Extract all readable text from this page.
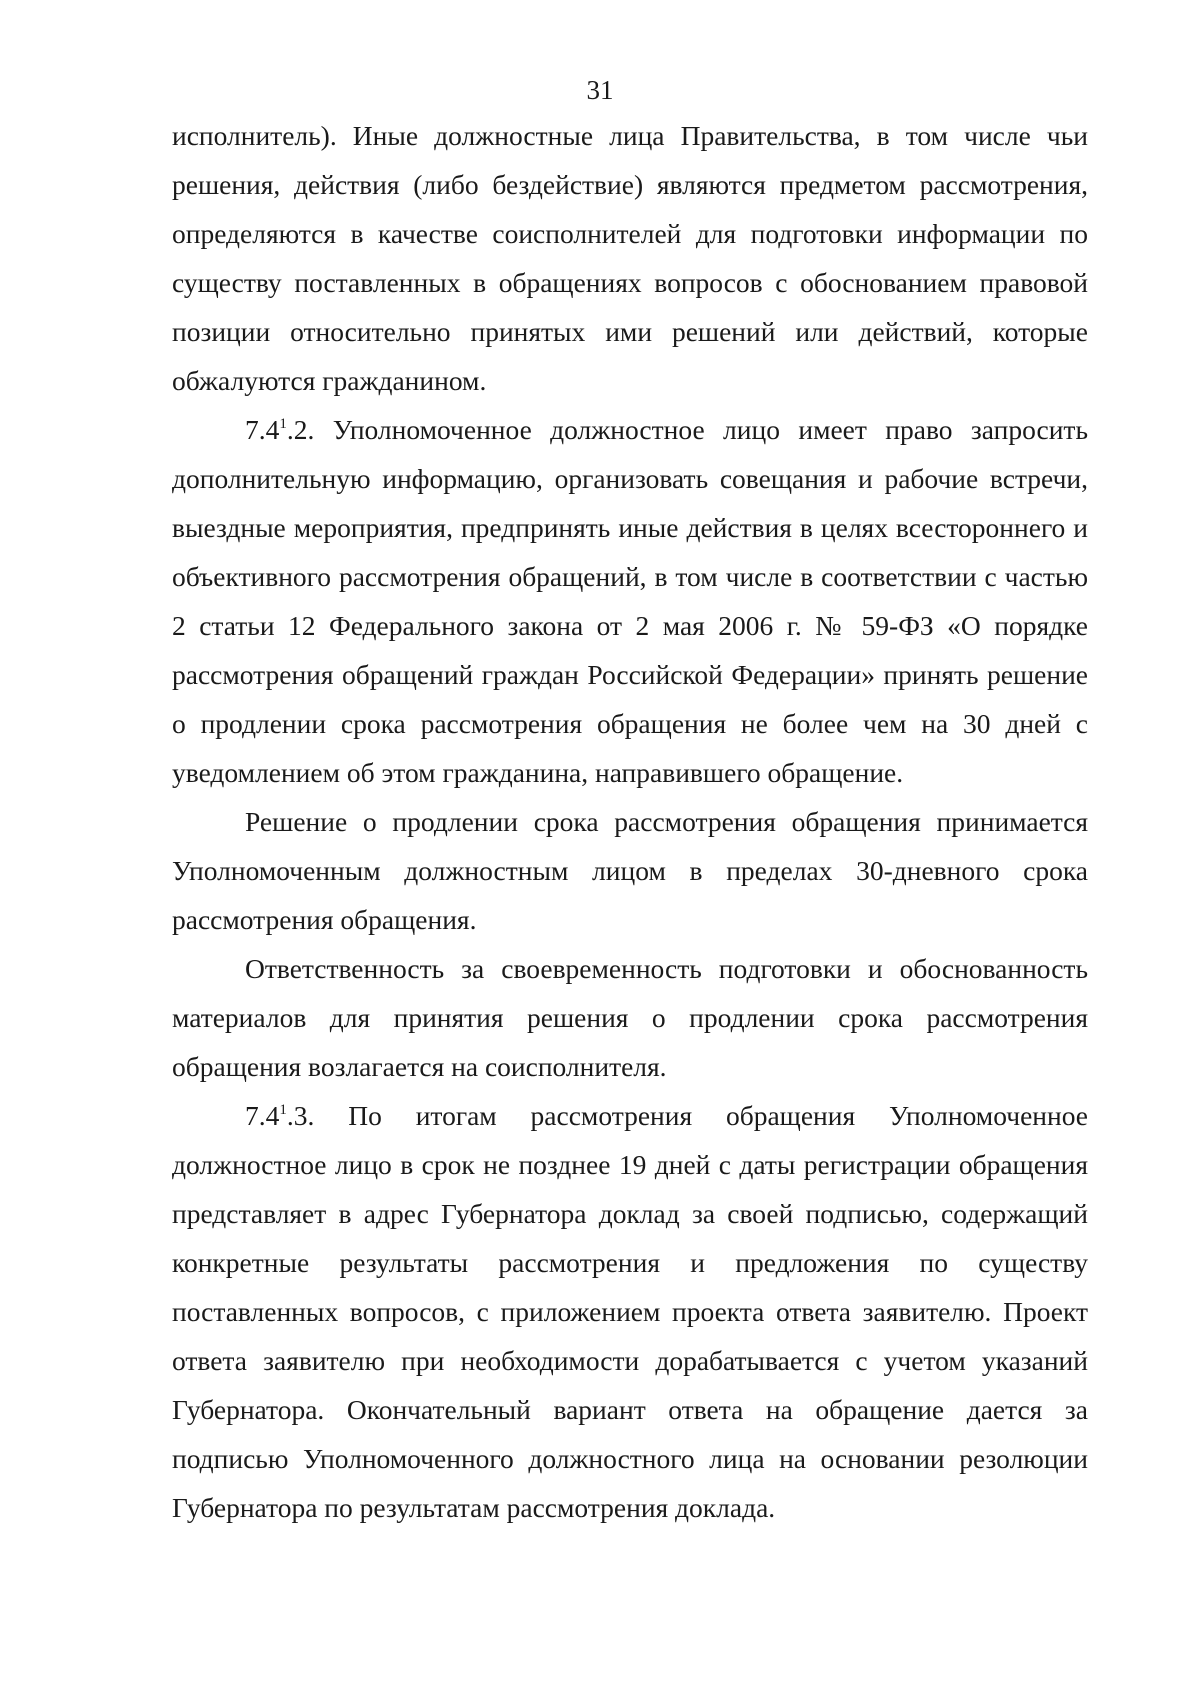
31

исполнитель). Иные должностные лица Правительства, в том числе чьи решения, действия (либо бездействие) являются предметом рассмотрения, определяются в качестве соисполнителей для подготовки информации по существу поставленных в обращениях вопросов с обоснованием правовой позиции относительно принятых ими решений или действий, которые обжалуются гражданином.

$7.4^1.2$. Уполномоченное должностное лицо имеет право запросить дополнительную информацию, организовать совещания и рабочие встречи, выездные мероприятия, предпринять иные действия в целях всестороннего и объективного рассмотрения обращений, в том числе в соответствии с частью 2 статьи 12 Федерального закона от 2 мая 2006 г. № 59-ФЗ «О порядке рассмотрения обращений граждан Российской Федерации» принять решение о продлении срока рассмотрения обращения не более чем на 30 дней с уведомлением об этом гражданина, направившего обращение.

Решение о продлении срока рассмотрения обращения принимается Уполномоченным должностным лицом в пределах 30-дневного срока рассмотрения обращения.

Ответственность за своевременность подготовки и обоснованность материалов для принятия решения о продлении срока рассмотрения обращения возлагается на соисполнителя.

$7.4^1.3$. По итогам рассмотрения обращения Уполномоченное должностное лицо в срок не позднее 19 дней с даты регистрации обращения представляет в адрес Губернатора доклад за своей подписью, содержащий конкретные результаты рассмотрения и предложения по существу поставленных вопросов, с приложением проекта ответа заявителю. Проект ответа заявителю при необходимости дорабатывается с учетом указаний Губернатора. Окончательный вариант ответа на обращение дается за подписью Уполномоченного должностного лица на основании резолюции Губернатора по результатам рассмотрения доклада.
